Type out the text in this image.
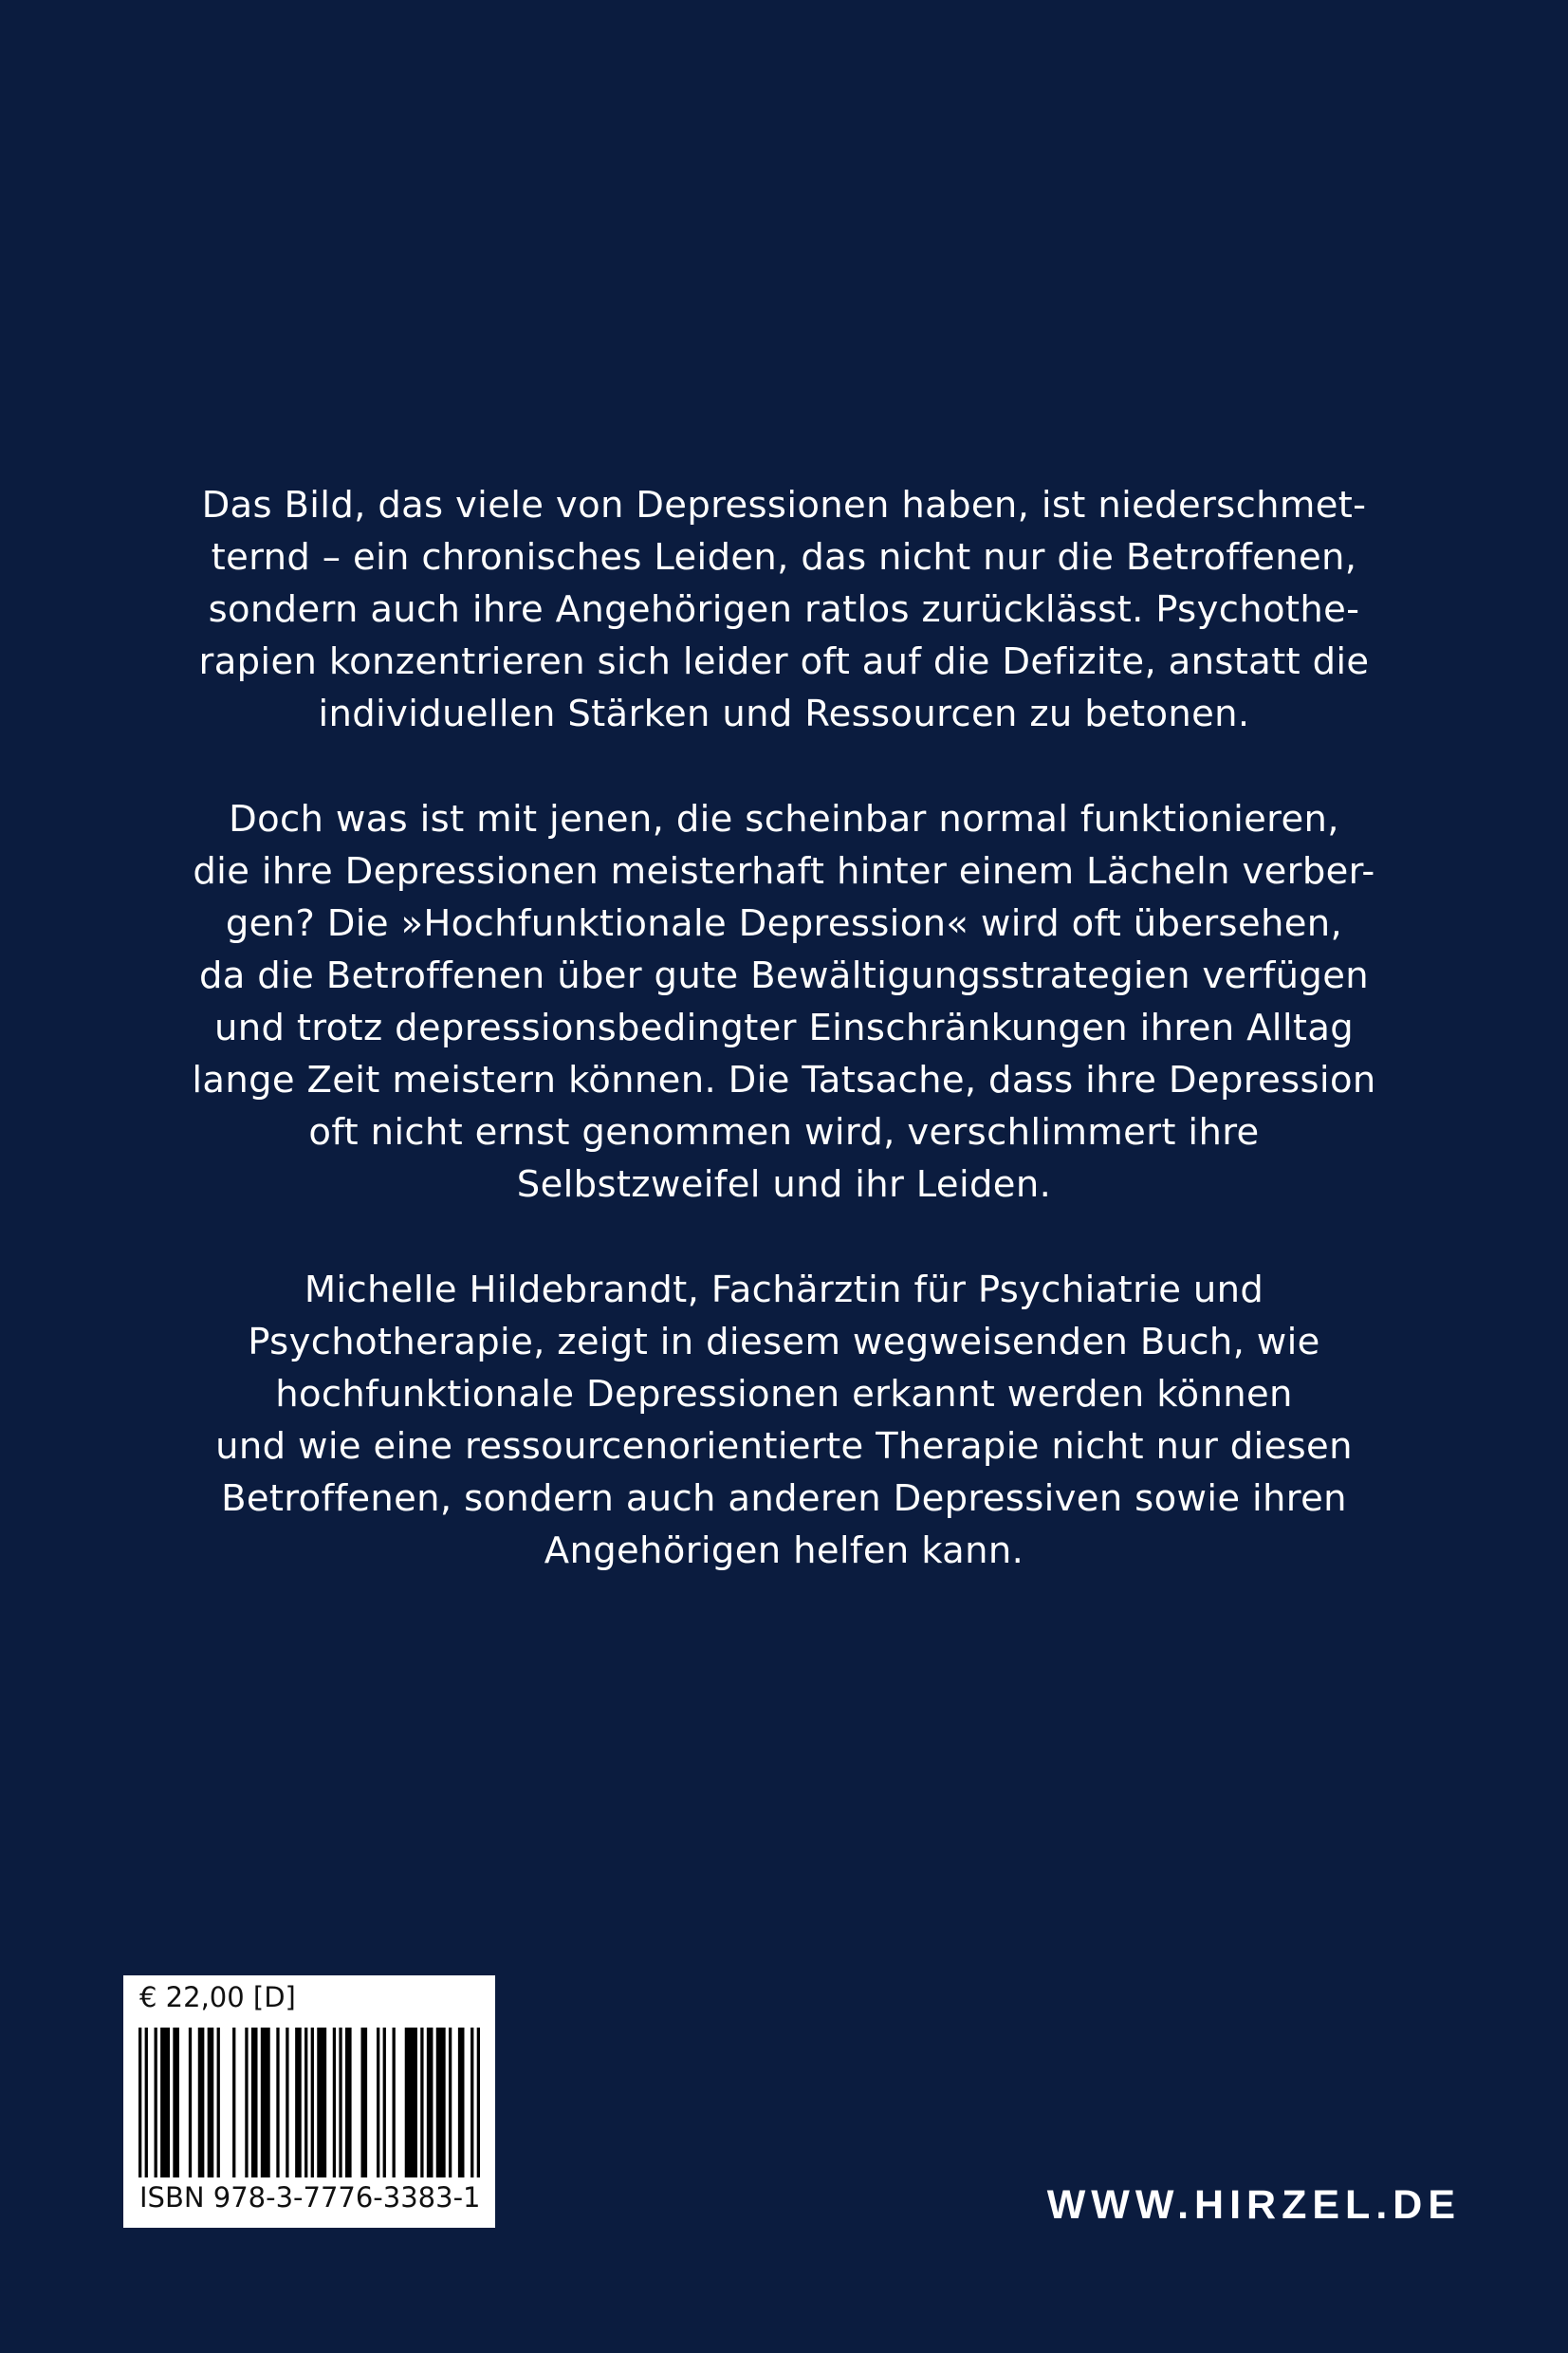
Das Bild, das viele von Depressionen haben, ist niederschmet-
ternd – ein chronisches Leiden, das nicht nur die Betroffenen,
sondern auch ihre Angehörigen ratlos zurücklässt. Psychothe-
rapien konzentrieren sich leider oft auf die Defizite, anstatt die
individuellen Stärken und Ressourcen zu betonen.

Doch was ist mit jenen, die scheinbar normal funktionieren,
die ihre Depressionen meisterhaft hinter einem Lächeln verber-
gen? Die »Hochfunktionale Depression« wird oft übersehen,
da die Betroffenen über gute Bewältigungsstrategien verfügen
und trotz depressionsbedingter Einschränkungen ihren Alltag
lange Zeit meistern können. Die Tatsache, dass ihre Depression
oft nicht ernst genommen wird, verschlimmert ihre
Selbstzweifel und ihr Leiden.

Michelle Hildebrandt, Fachärztin für Psychiatrie und
Psychotherapie, zeigt in diesem wegweisenden Buch, wie
hochfunktionale Depressionen erkannt werden können
und wie eine ressourcenorientierte Therapie nicht nur diesen
Betroffenen, sondern auch anderen Depressiven sowie ihren
Angehörigen helfen kann.

€ 22,00 [D]
ISBN 978-3-7776-3383-1	WWW.HIRZEL.DE
